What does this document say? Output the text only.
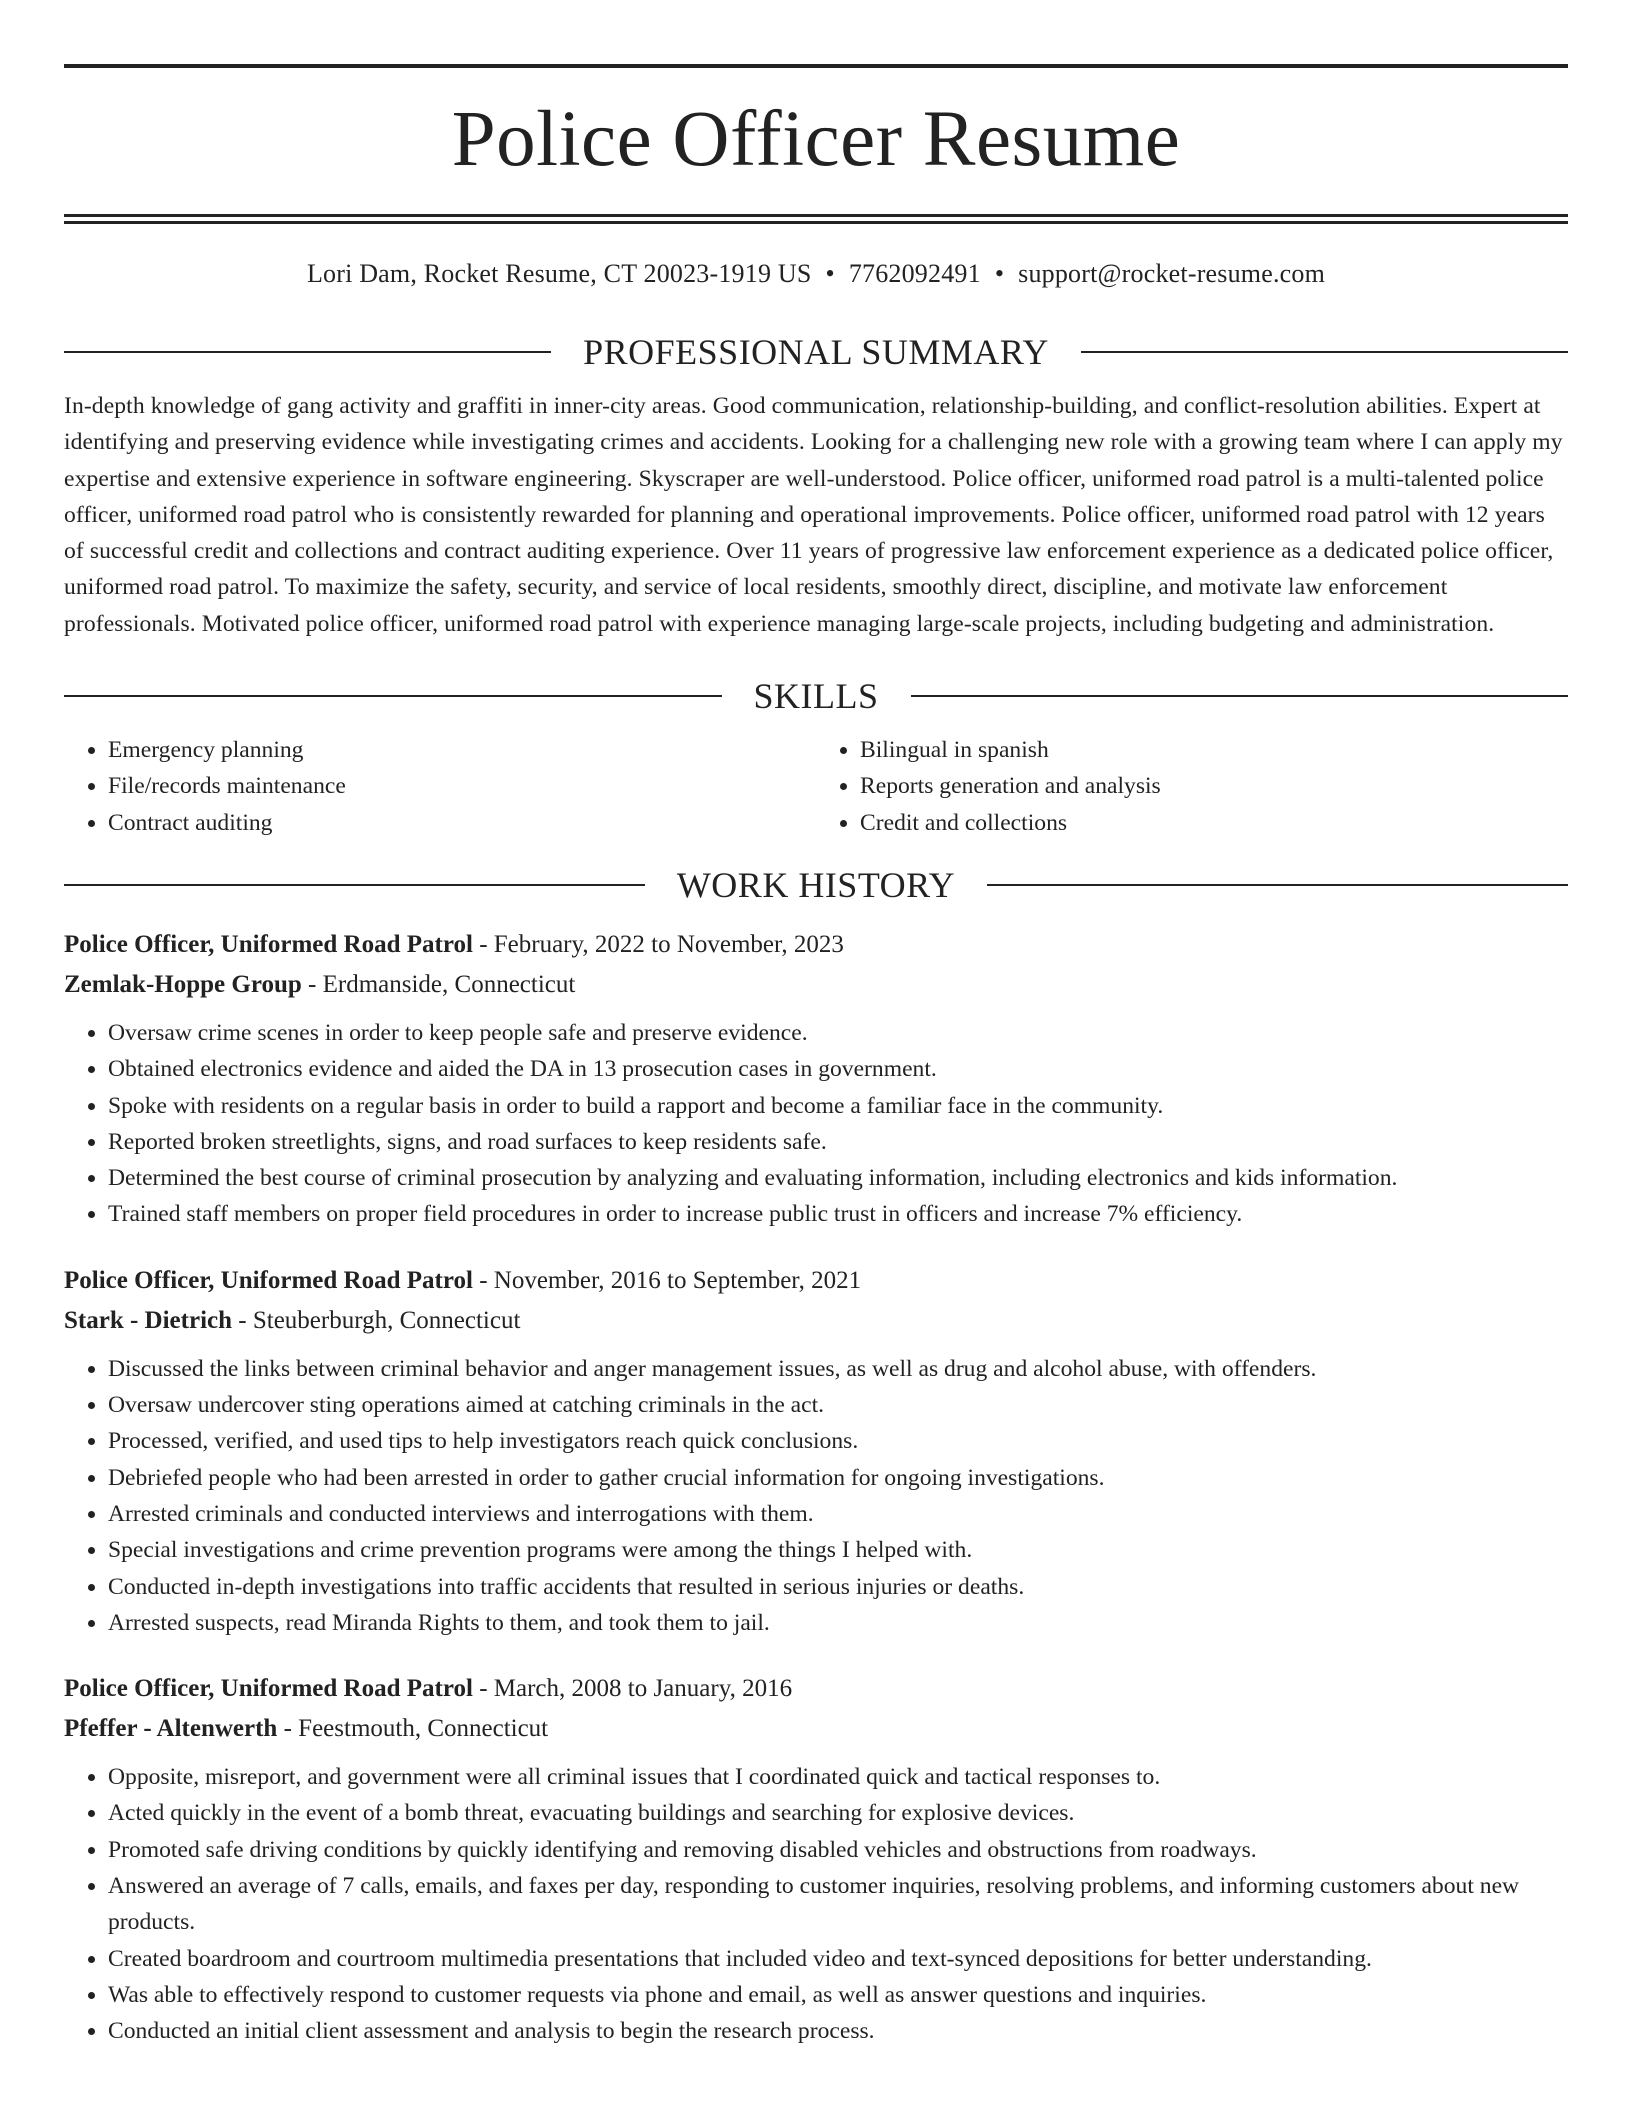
Police Officer Resume
Lori Dam, Rocket Resume, CT 20023-1919 US • 7762092491 • support@rocket-resume.com
PROFESSIONAL SUMMARY

In-depth knowledge of gang activity and graffiti in inner-city areas. Good communication, relationship-building, and conflict-resolution abilities. Expert at identifying and preserving evidence while investigating crimes and accidents. Looking for a challenging new role with a growing team where I can apply my expertise and extensive experience in software engineering. Skyscraper are well-understood. Police officer, uniformed road patrol is a multi-talented police officer, uniformed road patrol who is consistently rewarded for planning and operational improvements. Police officer, uniformed road patrol with 12 years of successful credit and collections and contract auditing experience. Over 11 years of progressive law enforcement experience as a dedicated police officer, uniformed road patrol. To maximize the safety, security, and service of local residents, smoothly direct, discipline, and motivate law enforcement professionals. Motivated police officer, uniformed road patrol with experience managing large-scale projects, including budgeting and administration.

SKILLS
• Emergency planning
• File/records maintenance
• Contract auditing
• Bilingual in spanish
• Reports generation and analysis
• Credit and collections
WORK HISTORY

Police Officer, Uniformed Road Patrol - February, 2022 to November, 2023

Zemlak-Hoppe Group - Erdmanside, Connecticut

• Oversaw crime scenes in order to keep people safe and preserve evidence.
• Obtained electronics evidence and aided the DA in 13 prosecution cases in government.
• Spoke with residents on a regular basis in order to build a rapport and become a familiar face in the community.
• Reported broken streetlights, signs, and road surfaces to keep residents safe.
• Determined the best course of criminal prosecution by analyzing and evaluating information, including electronics and kids information.
• Trained staff members on proper field procedures in order to increase public trust in officers and increase 7% efficiency.

Police Officer, Uniformed Road Patrol - November, 2016 to September, 2021

Stark - Dietrich - Steuberburgh, Connecticut

• Discussed the links between criminal behavior and anger management issues, as well as drug and alcohol abuse, with offenders.
• Oversaw undercover sting operations aimed at catching criminals in the act.
• Processed, verified, and used tips to help investigators reach quick conclusions.
• Debriefed people who had been arrested in order to gather crucial information for ongoing investigations.
• Arrested criminals and conducted interviews and interrogations with them.
• Special investigations and crime prevention programs were among the things I helped with.
• Conducted in-depth investigations into traffic accidents that resulted in serious injuries or deaths.
• Arrested suspects, read Miranda Rights to them, and took them to jail.

Police Officer, Uniformed Road Patrol - March, 2008 to January, 2016

Pfeffer - Altenwerth - Feestmouth, Connecticut

• Opposite, misreport, and government were all criminal issues that I coordinated quick and tactical responses to.
• Acted quickly in the event of a bomb threat, evacuating buildings and searching for explosive devices.
• Promoted safe driving conditions by quickly identifying and removing disabled vehicles and obstructions from roadways.
• Answered an average of 7 calls, emails, and faxes per day, responding to customer inquiries, resolving problems, and informing customers about new products.
• Created boardroom and courtroom multimedia presentations that included video and text-synced depositions for better understanding.
• Was able to effectively respond to customer requests via phone and email, as well as answer questions and inquiries.
• Conducted an initial client assessment and analysis to begin the research process.
